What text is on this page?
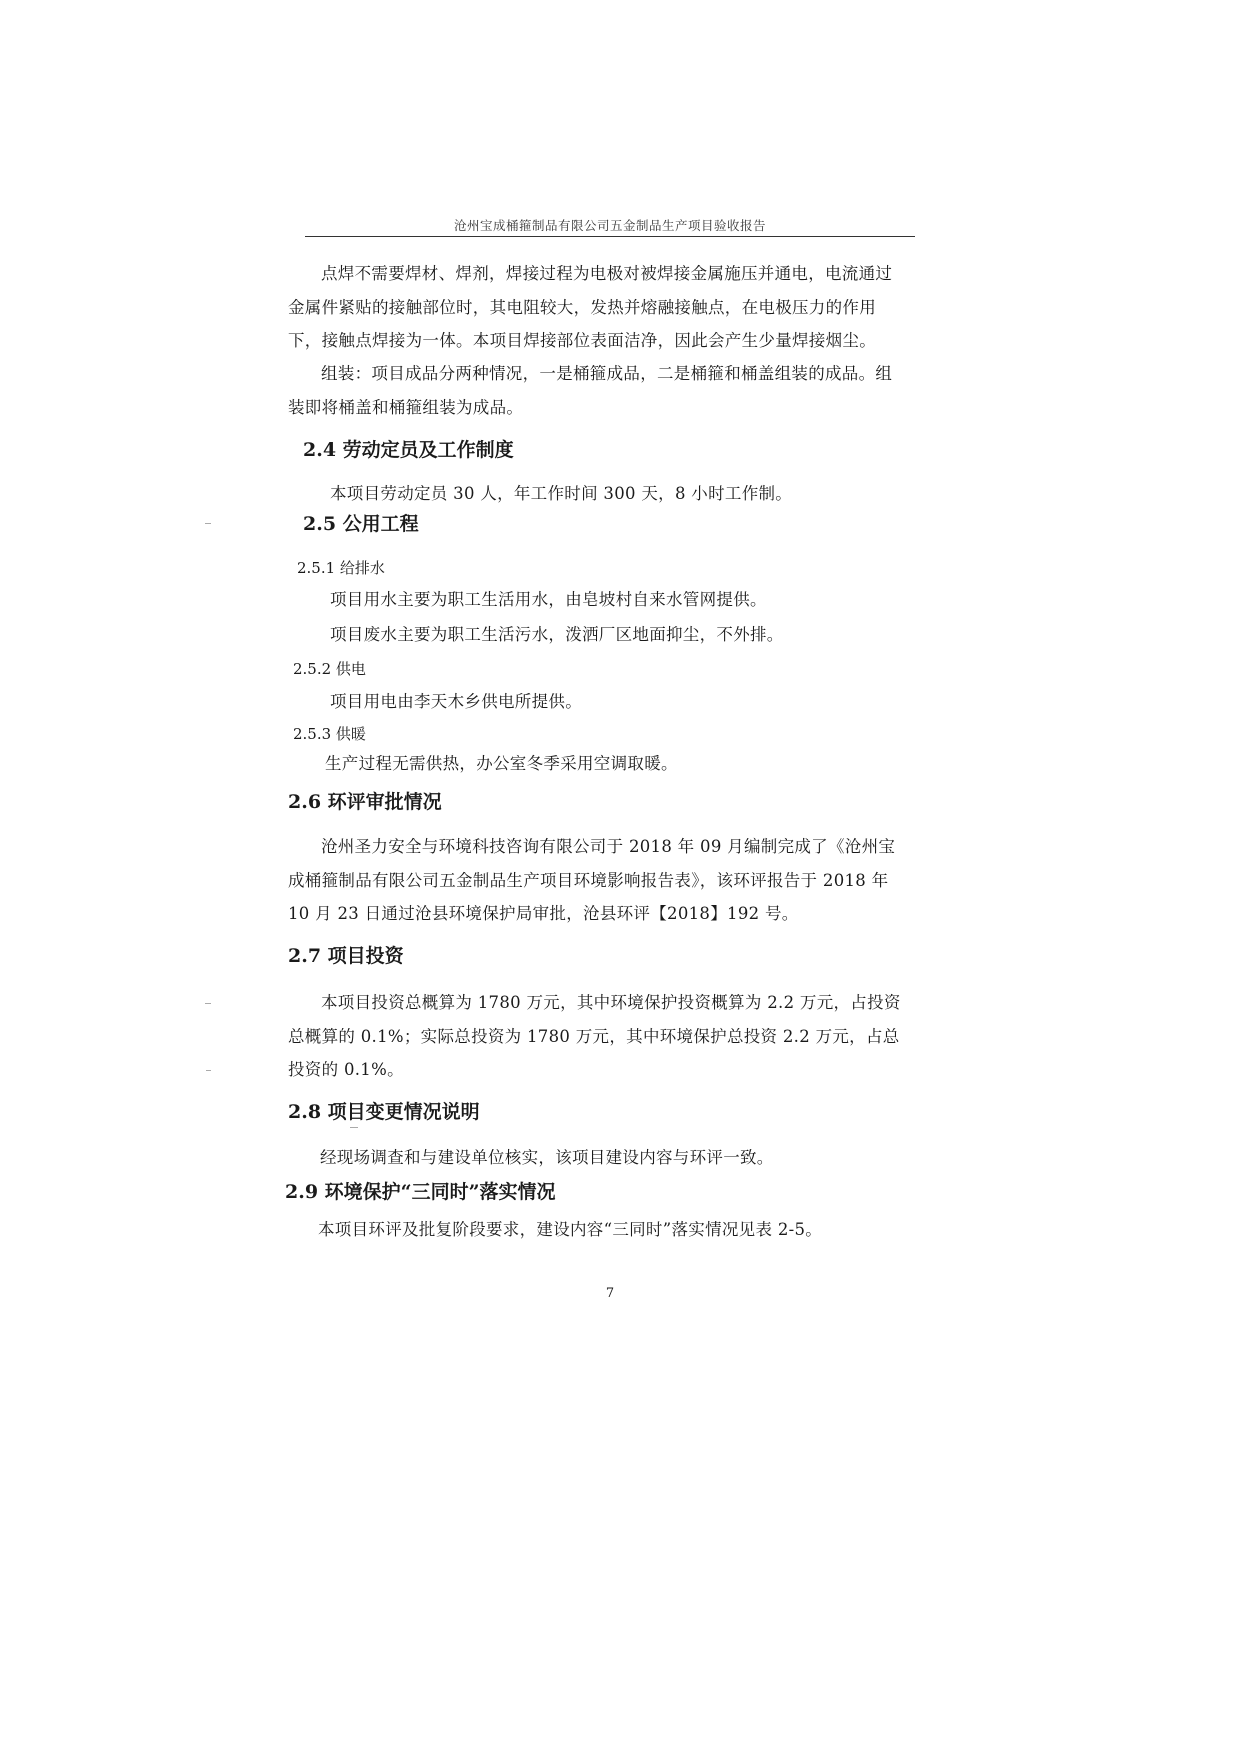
沧州宝成桶箍制品有限公司五金制品生产项目验收报告

点焊不需要焊材、焊剂，焊接过程为电极对被焊接金属施压并通电，电流通过金属件紧贴的接触部位时，其电阻较大，发热并熔融接触点，在电极压力的作用下，接触点焊接为一体。本项目焊接部位表面洁净，因此会产生少量焊接烟尘。

组装：项目成品分两种情况，一是桶箍成品，二是桶箍和桶盖组装的成品。组装即将桶盖和桶箍组装为成品。

2.4 劳动定员及工作制度

本项目劳动定员 30 人，年工作时间 300 天，8 小时工作制。

2.5 公用工程
2.5.1 给排水

项目用水主要为职工生活用水，由皂坡村自来水管网提供。

项目废水主要为职工生活污水，泼洒厂区地面抑尘，不外排。

2.5.2 供电

项目用电由李天木乡供电所提供。

2.5.3 供暖

生产过程无需供热，办公室冬季采用空调取暖。

2.6 环评审批情况

沧州圣力安全与环境科技咨询有限公司于 2018 年 09 月编制完成了《沧州宝成桶箍制品有限公司五金制品生产项目环境影响报告表》，该环评报告于 2018 年 10 月 23 日通过沧县环境保护局审批，沧县环评【2018】192 号。

2.7 项目投资

本项目投资总概算为 1780 万元，其中环境保护投资概算为 2.2 万元，占投资总概算的 0.1%；实际总投资为 1780 万元，其中环境保护总投资 2.2 万元，占总投资的 0.1%。

2.8 项目变更情况说明

经现场调查和与建设单位核实，该项目建设内容与环评一致。

2.9 环境保护“三同时”落实情况

本项目环评及批复阶段要求，建设内容“三同时”落实情况见表 2-5。

7
